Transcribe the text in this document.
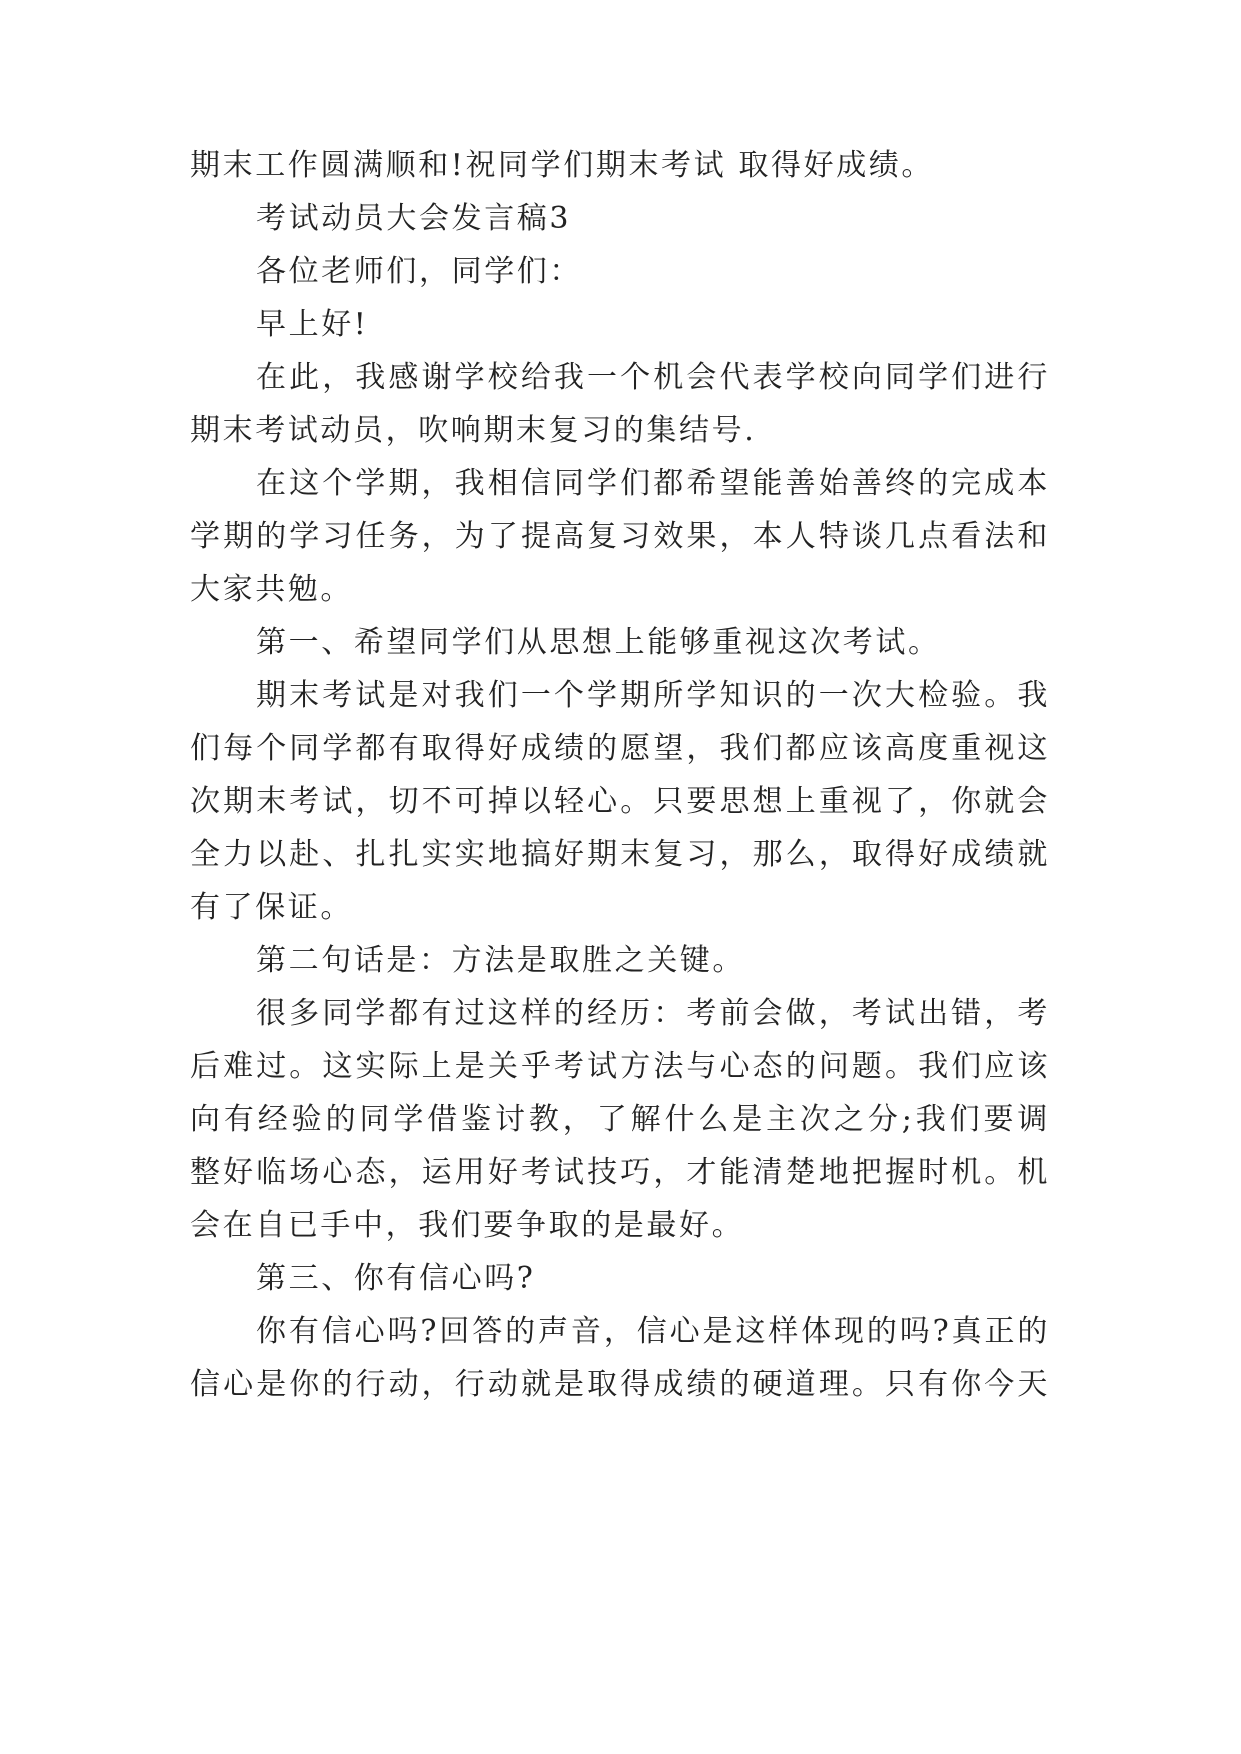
期末工作圆满顺和!祝同学们期末考试 取得好成绩。
考试动员大会发言稿3
各位老师们，同学们：
早上好!
在此，我感谢学校给我一个机会代表学校向同学们进行
期末考试动员，吹响期末复习的集结号.
在这个学期，我相信同学们都希望能善始善终的完成本
学期的学习任务，为了提高复习效果，本人特谈几点看法和
大家共勉。
第一、希望同学们从思想上能够重视这次考试。
期末考试是对我们一个学期所学知识的一次大检验。我
们每个同学都有取得好成绩的愿望，我们都应该高度重视这
次期末考试，切不可掉以轻心。只要思想上重视了，你就会
全力以赴、扎扎实实地搞好期末复习，那么，取得好成绩就
有了保证。
第二句话是：方法是取胜之关键。
很多同学都有过这样的经历：考前会做，考试出错，考
后难过。这实际上是关乎考试方法与心态的问题。我们应该
向有经验的同学借鉴讨教，了解什么是主次之分;我们要调
整好临场心态，运用好考试技巧，才能清楚地把握时机。机
会在自已手中，我们要争取的是最好。
第三、你有信心吗?
你有信心吗?回答的声音，信心是这样体现的吗?真正的
信心是你的行动，行动就是取得成绩的硬道理。只有你今天
